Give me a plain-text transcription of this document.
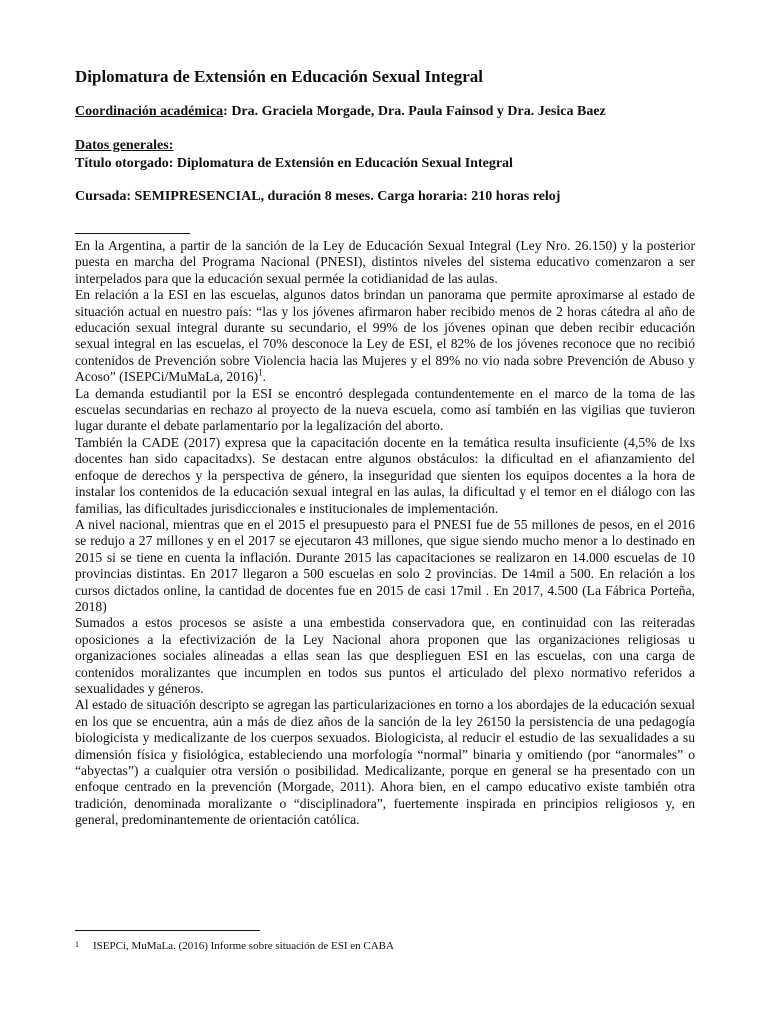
Diplomatura de Extensión en Educación Sexual Integral
Coordinación académica: Dra. Graciela Morgade, Dra. Paula Fainsod y Dra. Jesica Baez
Datos generales:
Título otorgado: Diplomatura de Extensión en Educación Sexual Integral
Cursada: SEMIPRESENCIAL, duración 8 meses. Carga horaria: 210 horas reloj

En la Argentina, a partir de la sanción de la Ley de Educación Sexual Integral (Ley Nro. 26.150) y la posterior puesta en marcha del Programa Nacional (PNESI), distintos niveles del sistema educativo comenzaron a ser interpelados para que la educación sexual permée la cotidianidad de las aulas.

En relación a la ESI en las escuelas, algunos datos brindan un panorama que permite aproximarse al estado de situación actual en nuestro país: “las y los jóvenes afirmaron haber recibido menos de 2 horas cátedra al año de educación sexual integral durante su secundario, el 99% de los jóvenes opinan que deben recibir educación sexual integral en las escuelas, el 70% desconoce la Ley de ESI, el 82% de los jóvenes reconoce que no recibió contenidos de Prevención sobre Violencia hacia las Mujeres y el 89% no vio nada sobre Prevención de Abuso y Acoso” (ISEPCi/MuMaLa, 2016)$^1$.

La demanda estudiantil por la ESI se encontró desplegada contundentemente en el marco de la toma de las escuelas secundarias en rechazo al proyecto de la nueva escuela, como así también en las vigilias que tuvieron lugar durante el debate parlamentario por la legalización del aborto.

También la CADE (2017) expresa que la capacitación docente en la temática resulta insuficiente (4,5% de lxs docentes han sido capacitadxs). Se destacan entre algunos obstáculos: la dificultad en el afianzamiento del enfoque de derechos y la perspectiva de género, la inseguridad que sienten los equipos docentes a la hora de instalar los contenidos de la educación sexual integral en las aulas, la dificultad y el temor en el diálogo con las familias, las dificultades jurisdiccionales e institucionales de implementación.

A nivel nacional, mientras que en el 2015 el presupuesto para el PNESI fue de 55 millones de pesos, en el 2016 se redujo a 27 millones y en el 2017 se ejecutaron 43 millones, que sigue siendo mucho menor a lo destinado en 2015 si se tiene en cuenta la inflación. Durante 2015 las capacitaciones se realizaron en 14.000 escuelas de 10 provincias distintas. En 2017 llegaron a 500 escuelas en solo 2 provincias. De 14mil a 500. En relación a los cursos dictados online, la cantidad de docentes fue en 2015 de casi 17mil . En 2017, 4.500 (La Fábrica Porteña, 2018)

Sumados a estos procesos se asiste a una embestida conservadora que, en continuidad con las reiteradas oposiciones a la efectivización de la Ley Nacional ahora proponen que las organizaciones religiosas u organizaciones sociales alineadas a ellas sean las que desplieguen ESI en las escuelas, con una carga de contenidos moralizantes que incumplen en todos sus puntos el articulado del plexo normativo referidos a sexualidades y géneros.

Al estado de situación descripto se agregan las particularizaciones en torno a los abordajes de la educación sexual en los que se encuentra, aún a más de diez años de la sanción de la ley 26150 la persistencia de una pedagogía biologicista y medicalizante de los cuerpos sexuados. Biologicista, al reducir el estudio de las sexualidades a su dimensión física y fisiológica, estableciendo una morfología “normal” binaria y omitiendo (por “anormales” o “abyectas”) a cualquier otra versión o posibilidad. Medicalizante, porque en general se ha presentado con un enfoque centrado en la prevención (Morgade, 2011). Ahora bien, en el campo educativo existe también otra tradición, denominada moralizante o “disciplinadora”, fuertemente inspirada en principios religiosos y, en general, predominantemente de orientación católica.

$^1$ ISEPCi, MuMaLa. (2016) Informe sobre situación de ESI en CABA
